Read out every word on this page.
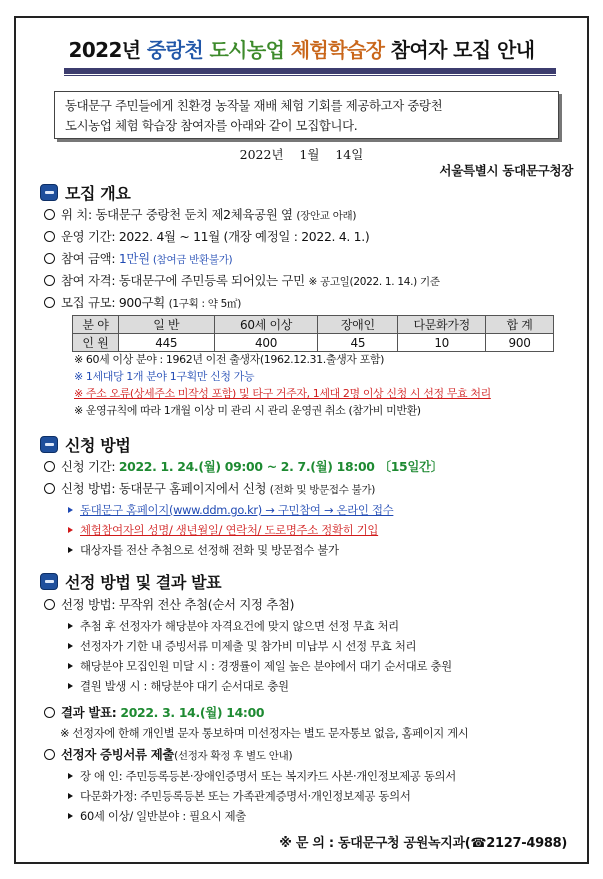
2022년 중랑천 도시농업 체험학습장 참여자 모집 안내
동대문구 주민들에게 친환경 농작물 재배 체험 기회를 제공하고자 중랑천
도시농업 체험 학습장 참여자를 아래와 같이 모집합니다.
2022년    1월    14일
서울특별시 동대문구청장
모집 개요
위 치: 동대문구 중랑천 둔치 제2체육공원 옆 (장안교 아래)
운영 기간: 2022. 4월 ~ 11월 (개장 예정일 : 2022. 4. 1.)
참여 금액: 1만원 (참여금 반환불가)
참여 자격: 동대문구에 주민등록 되어있는 구민 ※ 공고일(2022. 1. 14.) 기준
모집 규모: 900구획 (1구획 : 약 5㎡)
분 야	일 반	60세 이상	장애인	다문화가정	합 계
인 원	445	400	45	10	900
※ 60세 이상 분야 : 1962년 이전 출생자(1962.12.31.출생자 포함)
※ 1세대당 1개 분야 1구획만 신청 가능
※ 주소 오류(상세주소 미작성 포함) 및 타구 거주자, 1세대 2명 이상 신청 시 선정 무효 처리
※ 운영규칙에 따라 1개월 이상 미 관리 시 관리 운영권 취소 (참가비 미반환)
신청 방법
신청 기간: 2022. 1. 24.(월) 09:00 ~ 2. 7.(월) 18:00 〔15일간〕
신청 방법: 동대문구 홈페이지에서 신청 (전화 및 방문접수 불가)
동대문구 홈페이지(www.ddm.go.kr) → 구민참여 → 온라인 접수
체험참여자의 성명/ 생년월일/ 연락처/ 도로명주소 정확히 기입
대상자를 전산 추첨으로 선정해 전화 및 방문접수 불가
선정 방법 및 결과 발표
선정 방법: 무작위 전산 추첨(순서 지정 추첨)
추첨 후 선정자가 해당분야 자격요건에 맞지 않으면 선정 무효 처리
선정자가 기한 내 증빙서류 미제출 및 참가비 미납부 시 선정 무효 처리
해당분야 모집인원 미달 시 : 경쟁률이 제일 높은 분야에서 대기 순서대로 충원
결원 발생 시 : 해당분야 대기 순서대로 충원
결과 발표: 2022. 3. 14.(월) 14:00
※ 선정자에 한해 개인별 문자 통보하며 미선정자는 별도 문자통보 없음, 홈페이지 게시
선정자 증빙서류 제출(선정자 확정 후 별도 안내)
장 애 인: 주민등록등본·장애인증명서 또는 복지카드 사본·개인정보제공 동의서
다문화가정: 주민등록등본 또는 가족관계증명서·개인정보제공 동의서
60세 이상/ 일반분야 : 필요시 제출
※ 문 의 : 동대문구청 공원녹지과(☎2127-4988)
